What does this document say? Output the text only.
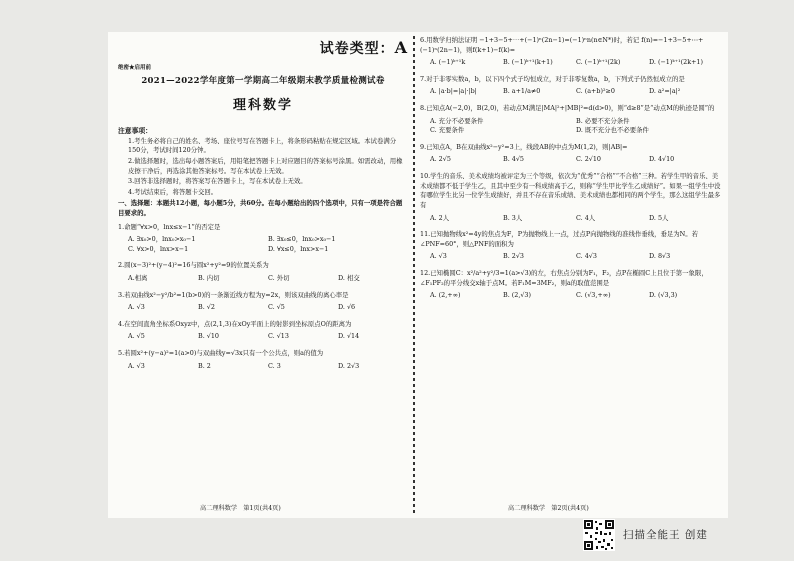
试卷类型：A
绝密★启用前
2021—2022学年度第一学期高二年级期末教学质量检测试卷
理科数学
注意事项：

1.考生务必将自己的姓名、考场、座位号写在答题卡上，将条形码粘贴在规定区域。本试卷满分150分，考试时间120分钟。

2.做选择题时，选出每小题答案后，用铅笔把答题卡上对应题目的答案标号涂黑。如需改动，用橡皮擦干净后，再选涂其他答案标号。写在本试卷上无效。

3.回答非选择题时，将答案写在答题卡上，写在本试卷上无效。

4.考试结束后，将答题卡交回。

一、选择题：本题共12小题，每小题5分，共60分。在每小题给出的四个选项中，只有一项是符合题目要求的。
1.命题“∀x>0，lnx≤x−1”的否定是
A. ∃x₀>0，lnx₀>x₀−1	B. ∃x₀≤0，lnx₀>x₀−1
C. ∀x>0，lnx>x−1	D. ∀x≤0，lnx>x−1
2.圆(x−3)²+(y−4)²=16与圆x²+y²=9的位置关系为
A.相离	B. 内切	C. 外切	D. 相交
3.若双曲线x²−y²/b²=1(b>0)的一条渐近线方程为y=2x，则该双曲线的离心率是
A. √3	B. √2	C. √5	D. √6
4.在空间直角坐标系Oxyz中，点(2,1,3)在xOy平面上的射影到坐标原点O的距离为
A. √5	B. √10	C. √13	D. √14
5.若圆x²+(y−a)²=1(a>0)与双曲线y=√3x只有一个公共点，则a的值为
A. √3	B. 2	C. 3	D. 2√3
6.用数学归纳法证明 −1+3−5+⋯+(−1)ⁿ(2n−1)=(−1)ⁿn(n∈N*)时，若记 f(n)=−1+3−5+⋯+(−1)ⁿ(2n−1)，则f(k+1)−f(k)=
A. (−1)ᵏ⁺¹k	B. (−1)ᵏ⁺¹(k+1)	C. (−1)ᵏ⁺¹(2k)	D. (−1)ᵏ⁺¹(2k+1)
7.对于非零实数a，b，以下四个式子均恒成立，对于非零复数a，b，下列式子仍然恒成立的是
A. |a·b|=|a|·|b|	B. a+1/a≠0	C. (a+b)²≥0	D. a²=|a|²
8.已知点A(−2,0)，B(2,0)，若动点M满足|MA|²+|MB|²=d(d>0)，则“d≥8”是“动点M的轨迹是圆”的
A. 充分不必要条件	B. 必要不充分条件
C. 充要条件	D. 既不充分也不必要条件
9.已知点A，B在双曲线x²−y²=3上，线段AB的中点为M(1,2)，则|AB|=
A. 2√5	B. 4√5	C. 2√10	D. 4√10
10.学生的音乐、美术成绩均被评定为三个等级，依次为“优秀”“合格”“不合格”三种。若学生甲的音乐、美术成绩都不低于学生乙，且其中至少有一科成绩高于乙，则称“学生甲比学生乙成绩好”。如果一组学生中没有哪位学生比另一位学生成绩好，并且不存在音乐成绩、美术成绩也都相同的两个学生，那么这组学生最多有
A. 2人	B. 3人	C. 4人	D. 5人
11.已知抛物线x²=4y的焦点为F，P为抛物线上一点，过点P向抛物线的准线作垂线，垂足为N。若∠PNF=60°，则△PNF的面积为
A. √3	B. 2√3	C. 4√3	D. 8√3
12.已知椭圆C：x²/a²+y²/3=1(a>√3)的左，右焦点分别为F₁，F₂，点P在椭圆C上且位于第一象限，∠F₁PF₂的平分线交x轴于点M。若F₁M=3MF₂，则a的取值范围是
A. (2,+∞)	B. (2,√3)	C. (√3,+∞)	D. (√3,3)
高二理科数学　第1页(共4页)	高二理科数学　第2页(共4页)
扫描全能王 创建
